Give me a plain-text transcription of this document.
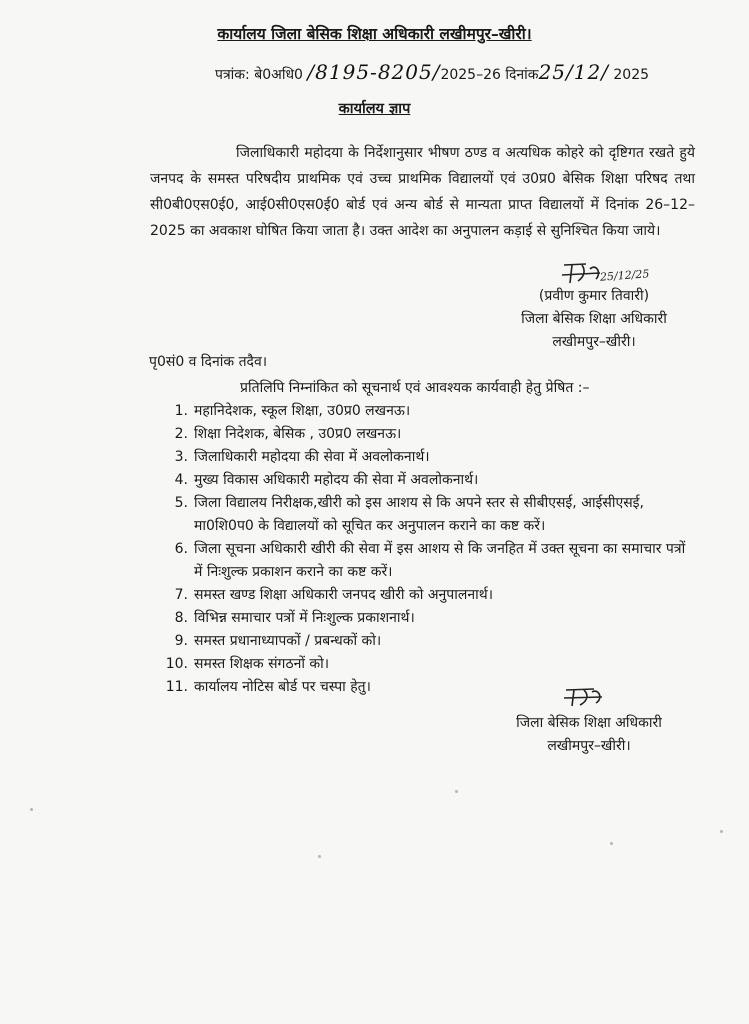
कार्यालय जिला बेसिक शिक्षा अधिकारी लखीमपुर–खीरी।
पत्रांक: बे0अधि0 /8195-8205/2025–26 दिनांक25/12/ 2025
कार्यालय ज्ञाप
जिलाधिकारी महोदया के निर्देशानुसार भीषण ठण्ड व अत्यधिक कोहरे को दृष्टिगत रखते हुये जनपद के समस्त परिषदीय प्राथमिक एवं उच्च प्राथमिक विद्यालयों एवं उ0प्र0 बेसिक शिक्षा परिषद तथा सी0बी0एस0ई0, आई0सी0एस0ई0 बोर्ड एवं अन्य बोर्ड से मान्यता प्राप्त विद्यालयों में दिनांक 26–12–2025 का अवकाश घोषित किया जाता है। उक्त आदेश का अनुपालन कड़ाई से सुनिश्चित किया जाये।
25/12/25
(प्रवीण कुमार तिवारी)
जिला बेसिक शिक्षा अधिकारी
लखीमपुर–खीरी।
पृ0सं0 व दिनांक तदैव।
प्रतिलिपि निम्नांकित को सूचनार्थ एवं आवश्यक कार्यवाही हेतु प्रेषित :–
1. महानिदेशक, स्कूल शिक्षा, उ0प्र0 लखनऊ।
2. शिक्षा निदेशक, बेसिक , उ0प्र0 लखनऊ।
3. जिलाधिकारी महोदया की सेवा में अवलोकनार्थ।
4. मुख्य विकास अधिकारी महोदय की सेवा में अवलोकनार्थ।
5. जिला विद्यालय निरीक्षक,खीरी को इस आशय से कि अपने स्तर से सीबीएसई, आईसीएसई, मा0शि0प0 के विद्यालयों को सूचित कर अनुपालन कराने का कष्ट करें।
6. जिला सूचना अधिकारी खीरी की सेवा में इस आशय से कि जनहित में उक्त सूचना का समाचार पत्रों में निःशुल्क प्रकाशन कराने का कष्ट करें।
7. समस्त खण्ड शिक्षा अधिकारी जनपद खीरी को अनुपालनार्थ।
8. विभिन्न समाचार पत्रों में निःशुल्क प्रकाशनार्थ।
9. समस्त प्रधानाध्यापकों / प्रबन्धकों को।
10. समस्त शिक्षक संगठनों को।
11. कार्यालय नोटिस बोर्ड पर चस्पा हेतु।
जिला बेसिक शिक्षा अधिकारी
लखीमपुर–खीरी।
